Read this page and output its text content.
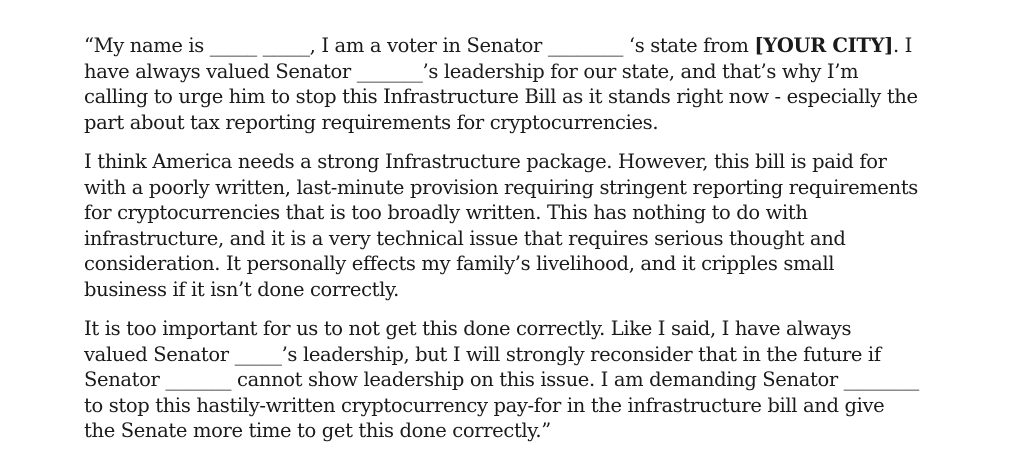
“My name is _____ _____, I am a voter in Senator ________ ‘s state from [YOUR CITY]. I
have always valued Senator _______’s leadership for our state, and that’s why I’m
calling to urge him to stop this Infrastructure Bill as it stands right now - especially the
part about tax reporting requirements for cryptocurrencies.

I think America needs a strong Infrastructure package. However, this bill is paid for
with a poorly written, last-minute provision requiring stringent reporting requirements
for cryptocurrencies that is too broadly written. This has nothing to do with
infrastructure, and it is a very technical issue that requires serious thought and
consideration. It personally effects my family’s livelihood, and it cripples small
business if it isn’t done correctly.

It is too important for us to not get this done correctly. Like I said, I have always
valued Senator _____’s leadership, but I will strongly reconsider that in the future if
Senator _______ cannot show leadership on this issue. I am demanding Senator ________
to stop this hastily-written cryptocurrency pay-for in the infrastructure bill and give
the Senate more time to get this done correctly.”
